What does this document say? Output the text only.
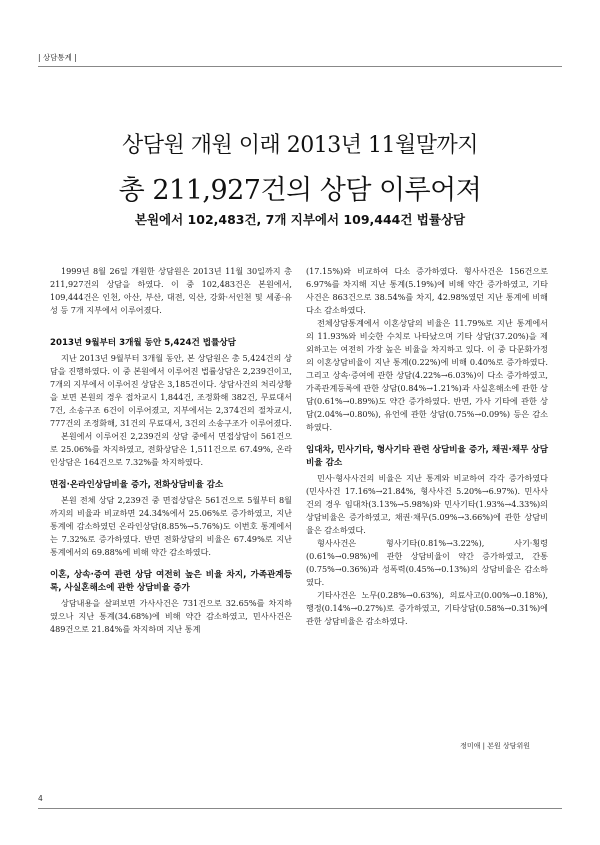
| 상담통계 |
상담원 개원 이래 2013년 11월말까지
총 211,927건의 상담 이루어져
본원에서 102,483건, 7개 지부에서 109,444건 법률상담

1999년 8월 26일 개원한 상담원은 2013년 11월 30일까지 총 211,927건의 상담을 하였다. 이 중 102,483건은 본원에서, 109,444건은 인천, 아산, 부산, 대전, 익산, 강화·서인천 및 세종·유성 등 7개 지부에서 이루어졌다.

2013년 9월부터 3개월 동안 5,424건 법률상담

지난 2013년 9월부터 3개월 동안, 본 상담원은 총 5,424건의 상담을 진행하였다. 이 중 본원에서 이루어진 법률상담은 2,239건이고, 7개의 지부에서 이루어진 상담은 3,185건이다. 상담사건의 처리상황을 보면 본원의 경우 접차교시 1,844건, 조정화해 382건, 무료대서 7건, 소송구조 6건이 이루어졌고, 지부에서는 2,374건의 절차교시, 777건의 조정화해, 31건의 무료대서, 3건의 소송구조가 이루어졌다.

본원에서 이루어진 2,239건의 상담 중에서 면접상담이 561건으로 25.06%를 차지하였고, 전화상담은 1,511건으로 67.49%, 온라인상담은 164건으로 7.32%를 차지하였다.

면접·온라인상담비율 증가, 전화상담비율 감소

본원 전체 상담 2,239건 중 면접상담은 561건으로 5월부터 8월까지의 비율과 비교하면 24.34%에서 25.06%로 증가하였고, 지난 통계에 감소하였던 온라인상담(8.85%→5.76%)도 이번호 통계에서는 7.32%로 증가하였다. 반면 전화상담의 비율은 67.49%로 지난 통계에서의 69.88%에 비해 약간 감소하였다.

이혼, 상속·증여 관련 상담 여전히 높은 비율 차지, 가족관계등록, 사실혼해소에 관한 상담비율 증가

상담내용을 살펴보면 가사사건은 731건으로 32.65%를 차지하였으나 지난 통계(34.68%)에 비해 약간 감소하였고, 민사사건은 489건으로 21.84%를 차지하며 지난 통계

(17.15%)와 비교하여 다소 증가하였다. 형사사건은 156건으로 6.97%를 차지해 지난 통계(5.19%)에 비해 약간 증가하였고, 기타사건은 863건으로 38.54%를 차지, 42.98%였던 지난 통계에 비해 다소 감소하였다.

전체상담통계에서 이혼상담의 비율은 11.79%로 지난 통계에서의 11.93%와 비슷한 수치로 나타났으며 기타 상담(37.20%)을 제외하고는 여전히 가장 높은 비율을 차지하고 있다. 이 중 다문화가정의 이혼상담비율이 지난 통계(0.22%)에 비해 0.40%로 증가하였다. 그리고 상속·증여에 관한 상담(4.22%→6.03%)이 다소 증가하였고, 가족관계등록에 관한 상담(0.84%→1.21%)과 사실혼해소에 관한 상담(0.61%→0.89%)도 약간 증가하였다. 반면, 가사 기타에 관한 상담(2.04%→0.80%), 유언에 관한 상담(0.75%→0.09%) 등은 감소하였다.

임대차, 민사기타, 형사기타 관련 상담비율 증가, 채권·채무 상담비율 감소

민사·형사사건의 비율은 지난 통계와 비교하여 각각 증가하였다(민사사건 17.16%→21.84%, 형사사건 5.20%→6.97%). 민사사건의 경우 임대차(3.13%→5.98%)와 민사기타(1.93%→4.33%)의 상담비율은 증가하였고, 채권·채무(5.09%→3.66%)에 관한 상담비율은 감소하였다.

형사사건은 형사기타(0.81%→3.22%), 사기·횡령(0.61%→0.98%)에 관한 상담비율이 약간 증가하였고, 간통(0.75%→0.36%)과 성폭력(0.45%→0.13%)의 상담비율은 감소하였다.

기타사건은 노무(0.28%→0.63%), 의료사고(0.00%→0.18%), 행정(0.14%→0.27%)로 증가하였고, 기타상담(0.58%→0.31%)에 관한 상담비율은 감소하였다.

정미애 | 본원 상담위원
4
